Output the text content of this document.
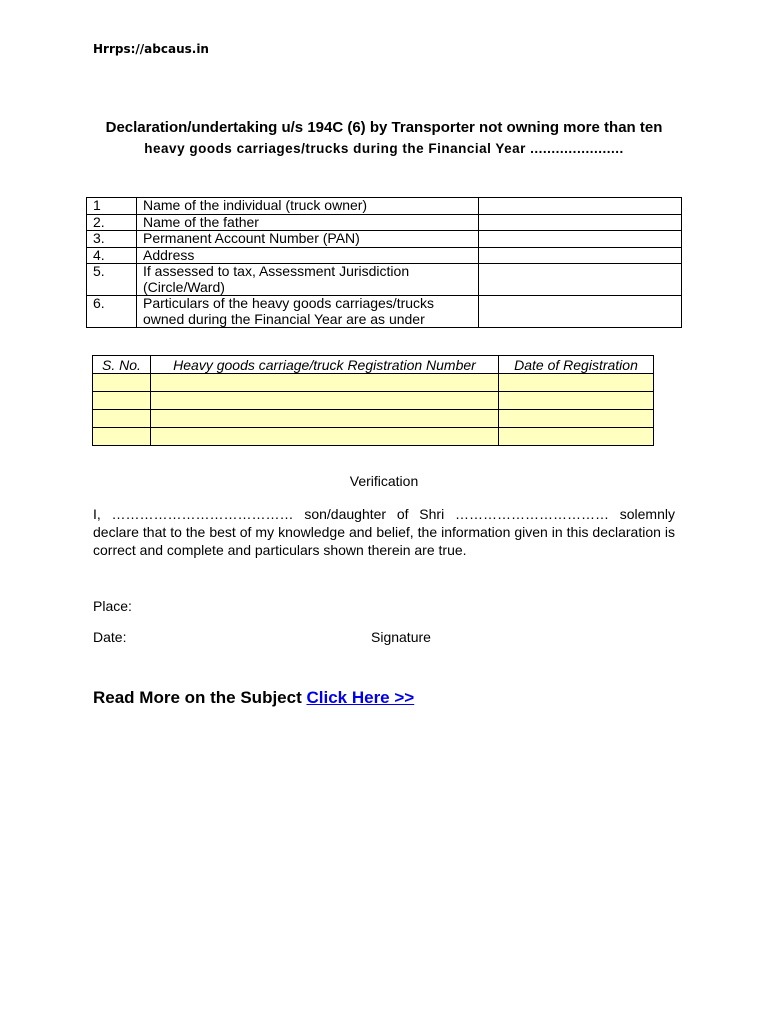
Hrrps://abcaus.in
Declaration/undertaking u/s 194C (6) by Transporter not owning more than ten
heavy goods carriages/trucks during the Financial Year ......................
1	Name of the individual (truck owner)	
2.	Name of the father	
3.	Permanent Account Number (PAN)	
4.	Address	
5.	If assessed to tax, Assessment Jurisdiction (Circle/Ward)	
6.	Particulars of the heavy goods carriages/trucks owned during the Financial Year are as under	
S. No.	Heavy goods carriage/truck Registration Number	Date of Registration

Verification
I, ………………………………… son/daughter of Shri …………………………… solemnly declare that to the best of my knowledge and belief, the information given in this declaration is correct and complete and particulars shown therein are true.
Place:
Date:	Signature
Read More on the Subject Click Here >>
